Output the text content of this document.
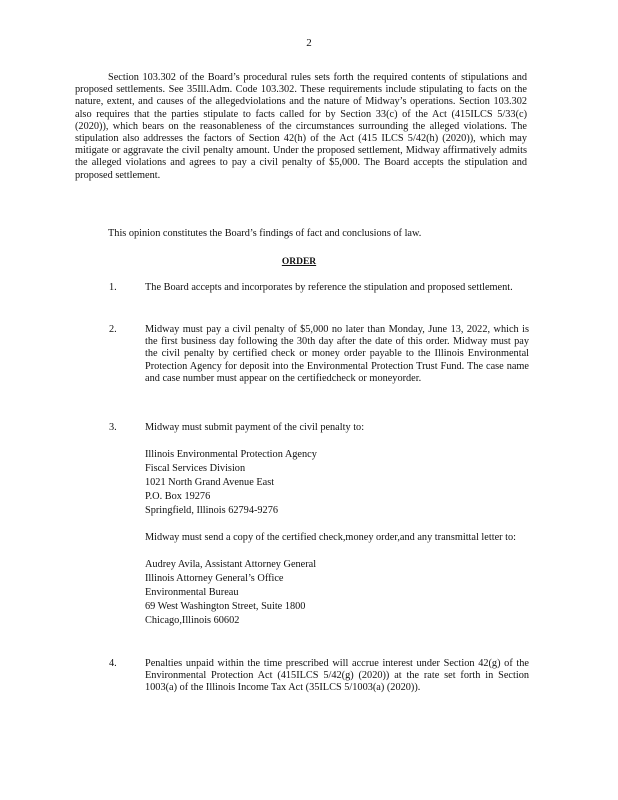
2
Section 103.302 of the Board’s procedural rules sets forth the required contents of stipulations and proposed settlements. See 35Ill.Adm. Code 103.302. These requirements include stipulating to facts on the nature, extent, and causes of the allegedviolations and the nature of Midway’s operations. Section 103.302 also requires that the parties stipulate to facts called for by Section 33(c) of the Act (415ILCS 5/33(c) (2020)), which bears on the reasonableness of the circumstances surrounding the alleged violations. The stipulation also addresses the factors of Section 42(h) of the Act (415 ILCS 5/42(h) (2020)), which may mitigate or aggravate the civil penalty amount. Under the proposed settlement, Midway affirmatively admits the alleged violations and agrees to pay a civil penalty of $5,000. The Board accepts the stipulation and proposed settlement.
This opinion constitutes the Board’s findings of fact and conclusions of law.
ORDER
1.	The Board accepts and incorporates by reference the stipulation and proposed settlement.
2.	Midway must pay a civil penalty of $5,000 no later than Monday, June 13, 2022, which is the first business day following the 30th day after the date of this order. Midway must pay the civil penalty by certified check or money order payable to the Illinois Environmental Protection Agency for deposit into the Environmental Protection Trust Fund. The case name and case number must appear on the certifiedcheck or moneyorder.
3.	Midway must submit payment of the civil penalty to:
Illinois Environmental Protection Agency
Fiscal Services Division
1021 North Grand Avenue East
P.O. Box 19276
Springfield, Illinois 62794-9276
Midway must send a copy of the certified check,money order,and any transmittal letter to:
Audrey Avila, Assistant Attorney General
Illinois Attorney General’s Office
Environmental Bureau
69 West Washington Street, Suite 1800
Chicago,Illinois 60602
4.	Penalties unpaid within the time prescribed will accrue interest under Section 42(g) of the Environmental Protection Act (415ILCS 5/42(g) (2020)) at the rate set forth in Section 1003(a) of the Illinois Income Tax Act (35ILCS 5/1003(a) (2020)).
